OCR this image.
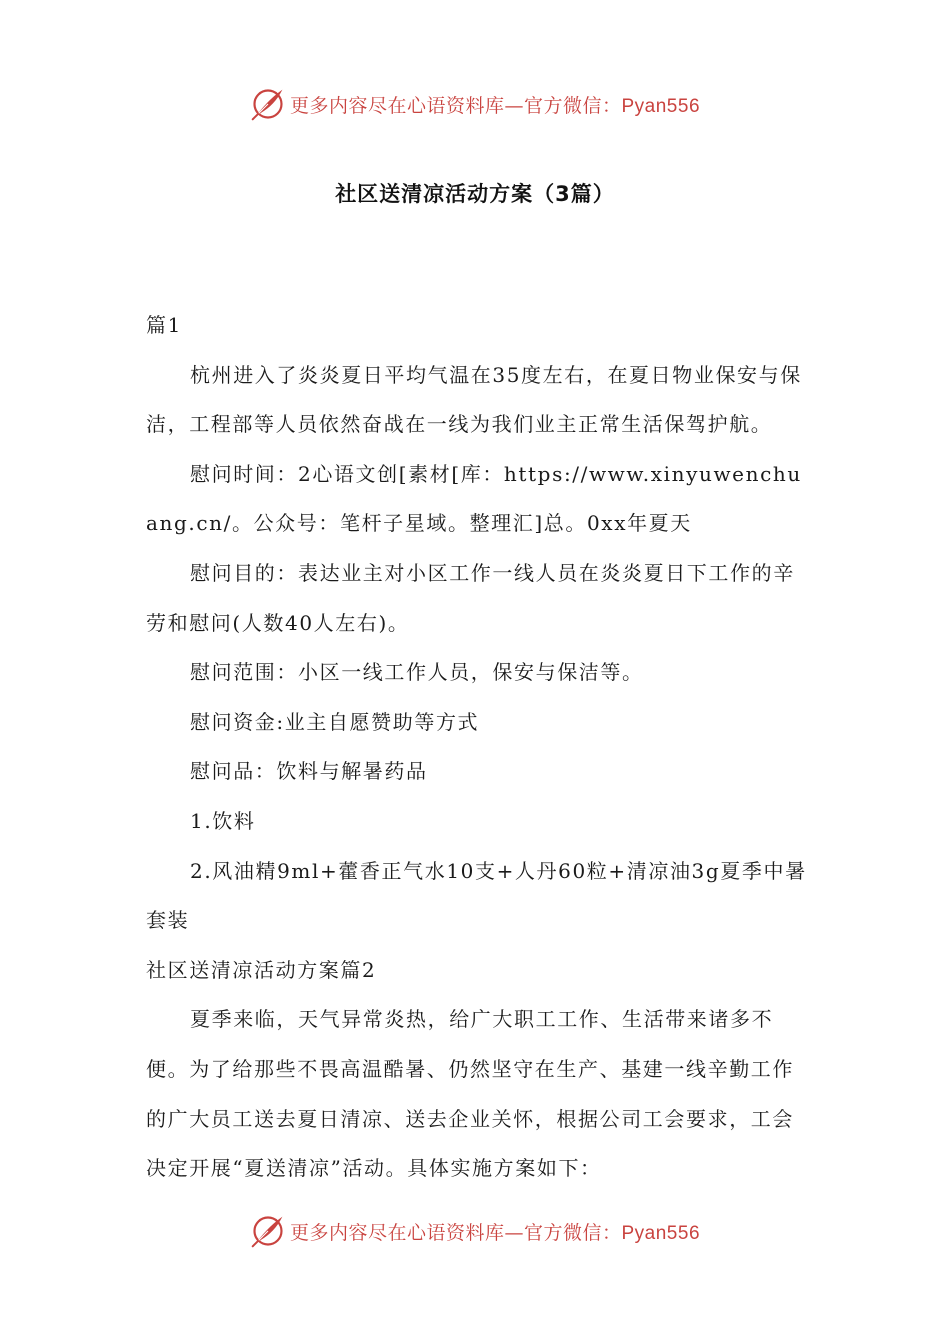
更多内容尽在心语资料库—官方微信：Pyan556
社区送清凉活动方案（3篇）

篇1

杭州进入了炎炎夏日平均气温在35度左右，在夏日物业保安与保洁，工程部等人员依然奋战在一线为我们业主正常生活保驾护航。

慰问时间：2心语文创[素材[库：https://www.xinyuwenchuang.cn/。公众号：笔杆子星域。整理汇]总。0xx年夏天

慰问目的：表达业主对小区工作一线人员在炎炎夏日下工作的辛劳和慰问(人数40人左右)。

慰问范围：小区一线工作人员，保安与保洁等。

慰问资金:业主自愿赞助等方式

慰问品：饮料与解暑药品

1.饮料

2.风油精9ml+藿香正气水10支+人丹60粒+清凉油3g夏季中暑套装

社区送清凉活动方案篇2

夏季来临，天气异常炎热，给广大职工工作、生活带来诸多不便。为了给那些不畏高温酷暑、仍然坚守在生产、基建一线辛勤工作的广大员工送去夏日清凉、送去企业关怀，根据公司工会要求，工会决定开展“夏送清凉”活动。具体实施方案如下：

更多内容尽在心语资料库—官方微信：Pyan556
